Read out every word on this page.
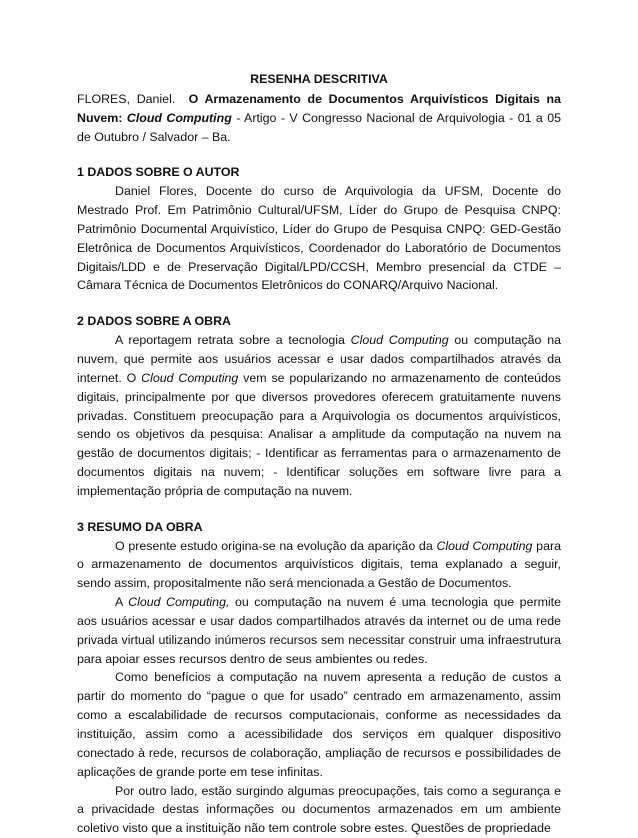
RESENHA DESCRITIVA

FLORES, Daniel. O Armazenamento de Documentos Arquivísticos Digitais na Nuvem: Cloud Computing - Artigo - V Congresso Nacional de Arquivologia - 01 a 05 de Outubro / Salvador – Ba.

1 DADOS SOBRE O AUTOR

Daniel Flores, Docente do curso de Arquivologia da UFSM, Docente do Mestrado Prof. Em Patrimônio Cultural/UFSM, Líder do Grupo de Pesquisa CNPQ: Patrimônio Documental Arquivístico, Líder do Grupo de Pesquisa CNPQ: GED-Gestão Eletrônica de Documentos Arquivísticos, Coordenador do Laboratório de Documentos Digitais/LDD e de Preservação Digital/LPD/CCSH, Membro presencial da CTDE – Câmara Técnica de Documentos Eletrônicos do CONARQ/Arquivo Nacional.

2 DADOS SOBRE A OBRA

A reportagem retrata sobre a tecnologia Cloud Computing ou computação na nuvem, que permite aos usuários acessar e usar dados compartilhados através da internet. O Cloud Computing vem se popularizando no armazenamento de conteúdos digitais, principalmente por que diversos provedores oferecem gratuitamente nuvens privadas. Constituem preocupação para a Arquivologia os documentos arquivísticos, sendo os objetivos da pesquisa: Analisar a amplitude da computação na nuvem na gestão de documentos digitais; - Identificar as ferramentas para o armazenamento de documentos digitais na nuvem; - Identificar soluções em software livre para a implementação própria de computação na nuvem.

3 RESUMO DA OBRA

O presente estudo origina-se na evolução da aparição da Cloud Computing para o armazenamento de documentos arquivísticos digitais, tema explanado a seguir, sendo assim, propositalmente não será mencionada a Gestão de Documentos.

A Cloud Computing, ou computação na nuvem é uma tecnologia que permite aos usuários acessar e usar dados compartilhados através da internet ou de uma rede privada virtual utilizando inúmeros recursos sem necessitar construir uma infraestrutura para apoiar esses recursos dentro de seus ambientes ou redes.

Como benefícios a computação na nuvem apresenta a redução de custos a partir do momento do “pague o que for usado” centrado em armazenamento, assim como a escalabilidade de recursos computacionais, conforme as necessidades da instituição, assim como a acessibilidade dos serviços em qualquer dispositivo conectado à rede, recursos de colaboração, ampliação de recursos e possibilidades de aplicações de grande porte em tese infinitas.

Por outro lado, estão surgindo algumas preocupações, tais como a segurança e a privacidade destas informações ou documentos armazenados em um ambiente coletivo visto que a instituição não tem controle sobre estes. Questões de propriedade
